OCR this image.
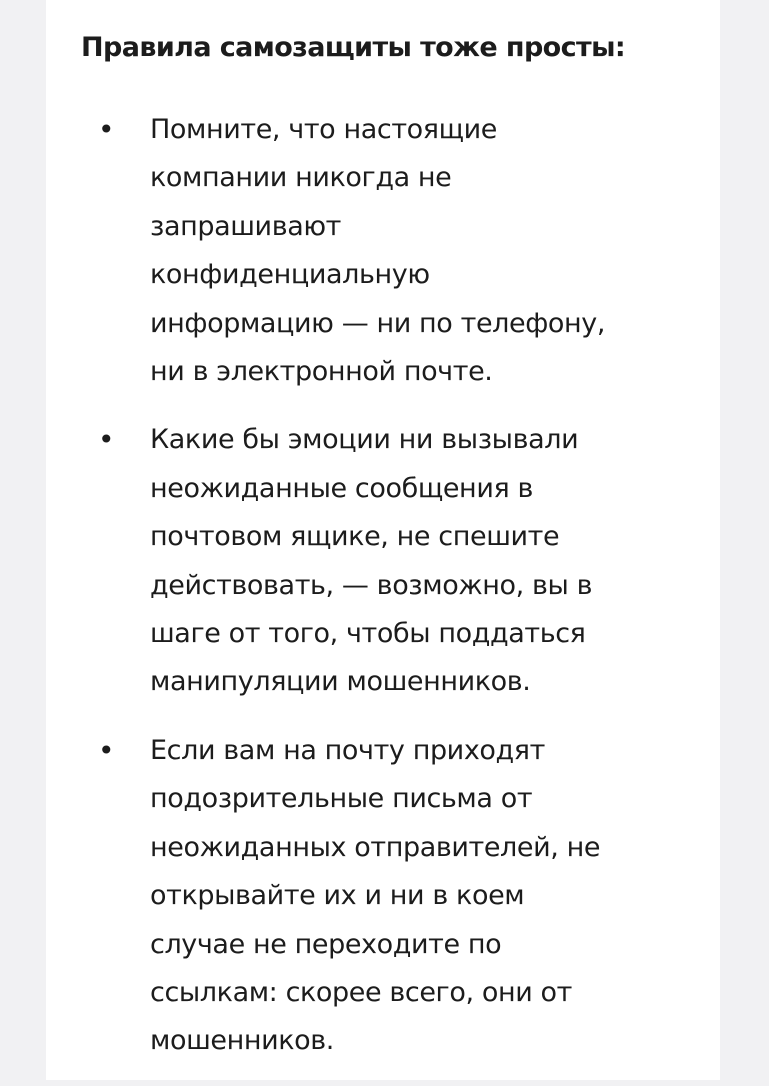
Правила самозащиты тоже просты:
• Помните, что настоящие
компании никогда не
запрашивают
конфиденциальную
информацию — ни по телефону,
ни в электронной почте.
• Какие бы эмоции ни вызывали
неожиданные сообщения в
почтовом ящике, не спешите
действовать, — возможно, вы в
шаге от того, чтобы поддаться
манипуляции мошенников.
• Если вам на почту приходят
подозрительные письма от
неожиданных отправителей, не
открывайте их и ни в коем
случае не переходите по
ссылкам: скорее всего, они от
мошенников.
